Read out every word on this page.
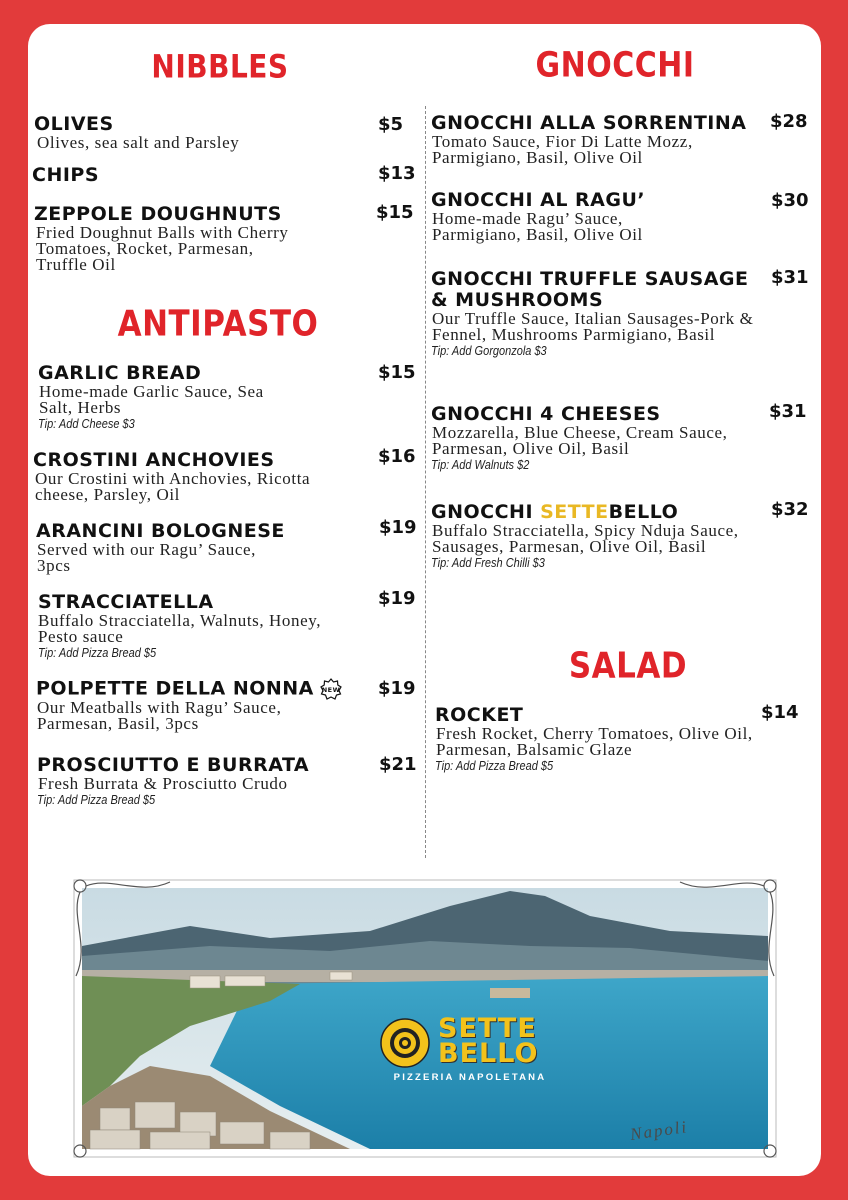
NIBBLES	GNOCCHI
ANTIPASTO
SALAD
OLIVES
Olives, sea salt and Parsley
$5
CHIPS	$13
ZEPPOLE DOUGHNUTS
Fried Doughnut Balls with Cherry Tomatoes, Rocket, Parmesan, Truffle Oil
$15
GARLIC BREAD
Home-made Garlic Sauce, Sea Salt, Herbs
Tip: Add Cheese $3
$15
CROSTINI ANCHOVIES
Our Crostini with Anchovies, Ricotta cheese, Parsley, Oil
$16
ARANCINI BOLOGNESE
Served with our Ragu’ Sauce, 3pcs
$19
STRACCIATELLA
Buffalo Stracciatella, Walnuts, Honey, Pesto sauce
Tip: Add Pizza Bread $5
$19
POLPETTE DELLA NONNA NEW
Our Meatballs with Ragu’ Sauce, Parmesan, Basil, 3pcs
$19
PROSCIUTTO E BURRATA
Fresh Burrata & Prosciutto Crudo
Tip: Add Pizza Bread $5
$21
GNOCCHI ALLA SORRENTINA
Tomato Sauce, Fior Di Latte Mozz, Parmigiano, Basil, Olive Oil
$28
GNOCCHI AL RAGU’
Home-made Ragu’ Sauce, Parmigiano, Basil, Olive Oil
$30
GNOCCHI TRUFFLE SAUSAGE & MUSHROOMS
Our Truffle Sauce, Italian Sausages-Pork & Fennel, Mushrooms Parmigiano, Basil
Tip: Add Gorgonzola $3
$31
GNOCCHI 4 CHEESES
Mozzarella, Blue Cheese, Cream Sauce, Parmesan, Olive Oil, Basil
Tip: Add Walnuts $2
$31
GNOCCHI SETTEBELLO
Buffalo Stracciatella, Spicy Nduja Sauce, Sausages, Parmesan, Olive Oil, Basil
Tip: Add Fresh Chilli $3
$32
ROCKET
Fresh Rocket, Cherry Tomatoes, Olive Oil, Parmesan, Balsamic Glaze
Tip: Add Pizza Bread $5
$14
SETTE
BELLO
PIZZERIA NAPOLETANA
Napoli
